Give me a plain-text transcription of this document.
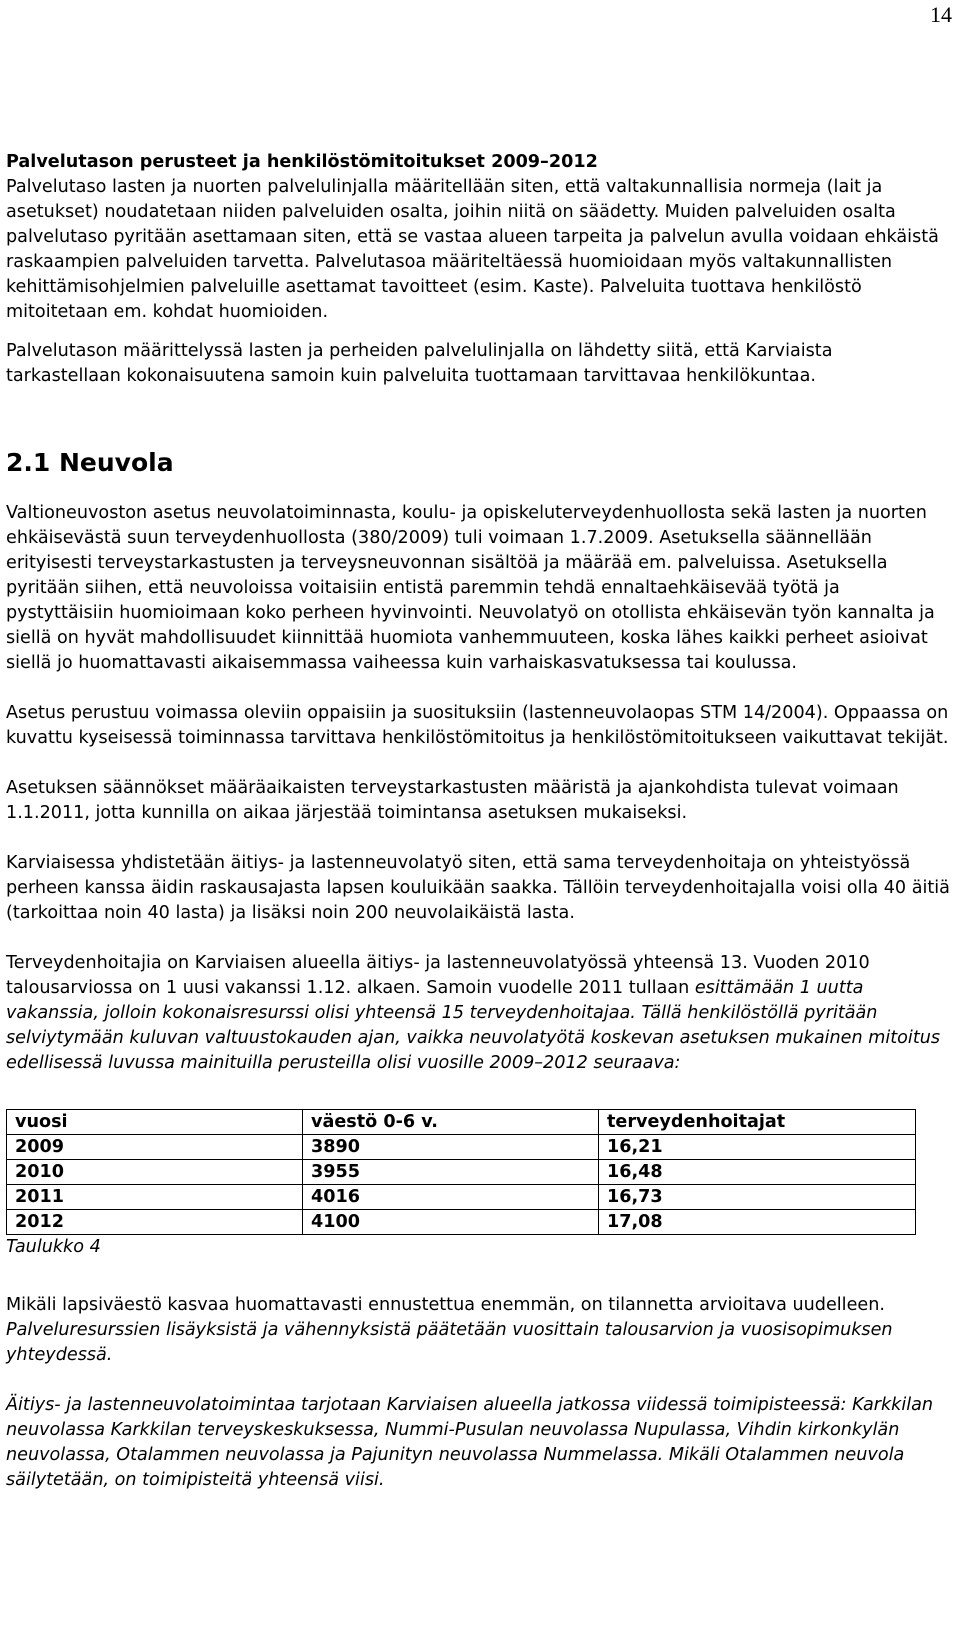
14

Palvelutason perusteet ja henkilöstömitoitukset 2009–2012

Palvelutaso lasten ja nuorten palvelulinjalla määritellään siten, että valtakunnallisia normeja (lait ja asetukset) noudatetaan niiden palveluiden osalta, joihin niitä on säädetty. Muiden palveluiden osalta palvelutaso pyritään asettamaan siten, että se vastaa alueen tarpeita ja palvelun avulla voidaan ehkäistä raskaampien palveluiden tarvetta. Palvelutasoa määriteltäessä huomioidaan myös valtakunnallisten kehittämisohjelmien palveluille asettamat tavoitteet (esim. Kaste). Palveluita tuottava henkilöstö mitoitetaan em. kohdat huomioiden.

Palvelutason määrittelyssä lasten ja perheiden palvelulinjalla on lähdetty siitä, että Karviaista tarkastellaan kokonaisuutena samoin kuin palveluita tuottamaan tarvittavaa henkilökuntaa.

2.1 Neuvola

Valtioneuvoston asetus neuvolatoiminnasta, koulu- ja opiskeluterveydenhuollosta sekä lasten ja nuorten ehkäisevästä suun terveydenhuollosta (380/2009) tuli voimaan 1.7.2009. Asetuksella säännellään erityisesti terveystarkastusten ja terveysneuvonnan sisältöä ja määrää em. palveluissa. Asetuksella pyritään siihen, että neuvoloissa voitaisiin entistä paremmin tehdä ennaltaehkäisevää työtä ja pystyttäisiin huomioimaan koko perheen hyvinvointi. Neuvolatyö on otollista ehkäisevän työn kannalta ja siellä on hyvät mahdollisuudet kiinnittää huomiota vanhemmuuteen, koska lähes kaikki perheet asioivat siellä jo huomattavasti aikaisemmassa vaiheessa kuin varhaiskasvatuksessa tai koulussa.

Asetus perustuu voimassa oleviin oppaisiin ja suosituksiin (lastenneuvolaopas STM 14/2004). Oppaassa on kuvattu kyseisessä toiminnassa tarvittava henkilöstömitoitus ja henkilöstömitoitukseen vaikuttavat tekijät.

Asetuksen säännökset määräaikaisten terveystarkastusten määristä ja ajankohdista tulevat voimaan 1.1.2011, jotta kunnilla on aikaa järjestää toimintansa asetuksen mukaiseksi.

Karviaisessa yhdistetään äitiys- ja lastenneuvolatyö siten, että sama terveydenhoitaja on yhteistyössä perheen kanssa äidin raskausajasta lapsen kouluikään saakka. Tällöin terveydenhoitajalla voisi olla 40 äitiä (tarkoittaa noin 40 lasta) ja lisäksi noin 200 neuvolaikäistä lasta.

Terveydenhoitajia on Karviaisen alueella äitiys- ja lastenneuvolatyössä yhteensä 13. Vuoden 2010 talousarviossa on 1 uusi vakanssi 1.12. alkaen. Samoin vuodelle 2011 tullaan esittämään 1 uutta vakanssia, jolloin kokonaisresurssi olisi yhteensä 15 terveydenhoitajaa. Tällä henkilöstöllä pyritään selviytymään kuluvan valtuustokauden ajan, vaikka neuvolatyötä koskevan asetuksen mukainen mitoitus edellisessä luvussa mainituilla perusteilla olisi vuosille 2009–2012 seuraava:

vuosi	väestö 0-6 v.	terveydenhoitajat
2009	3890	16,21
2010	3955	16,48
2011	4016	16,73
2012	4100	17,08

Taulukko 4

Mikäli lapsiväestö kasvaa huomattavasti ennustettua enemmän, on tilannetta arvioitava uudelleen. Palveluresurssien lisäyksistä ja vähennyksistä päätetään vuosittain talousarvion ja vuosisopimuksen yhteydessä.

Äitiys- ja lastenneuvolatoimintaa tarjotaan Karviaisen alueella jatkossa viidessä toimipisteessä: Karkkilan neuvolassa Karkkilan terveyskeskuksessa, Nummi-Pusulan neuvolassa Nupulassa, Vihdin kirkonkylän neuvolassa, Otalammen neuvolassa ja Pajunityn neuvolassa Nummelassa. Mikäli Otalammen neuvola säilytetään, on toimipisteitä yhteensä viisi.
